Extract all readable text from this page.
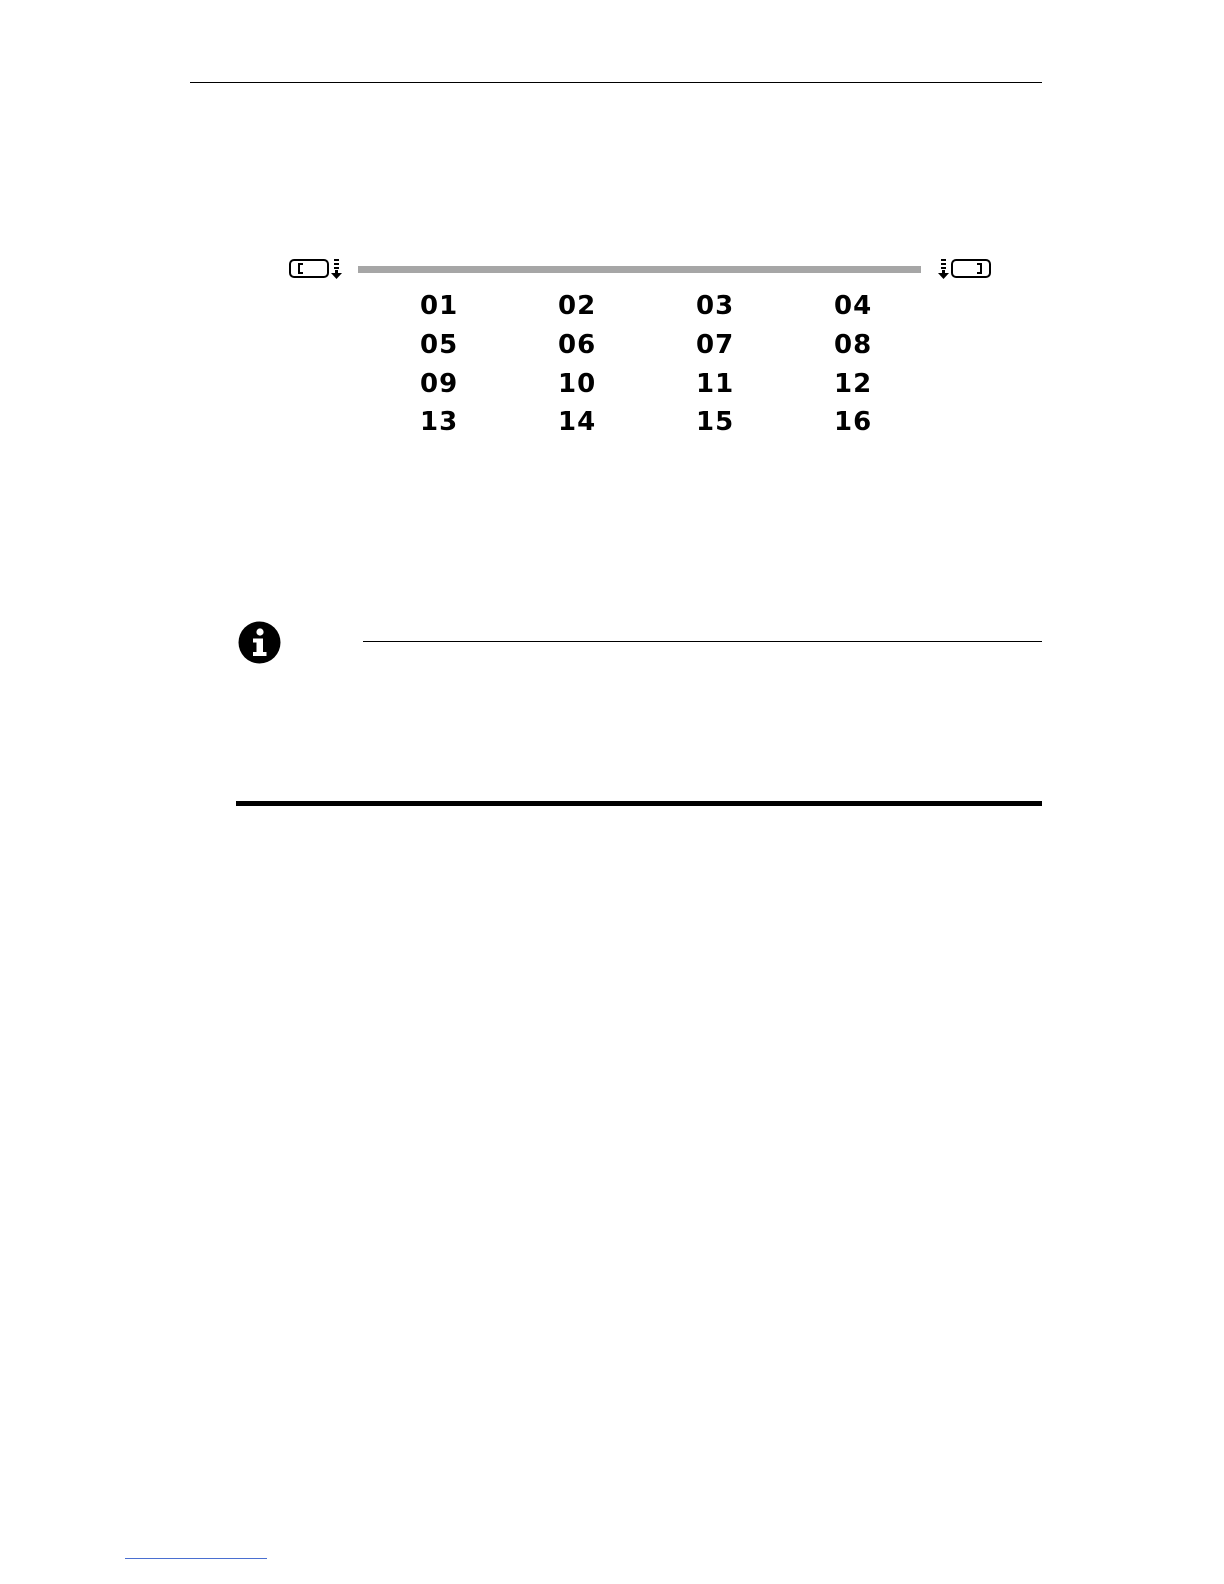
01	02	03	04
05	06	07	08
09	10	11	12
13	14	15	16
